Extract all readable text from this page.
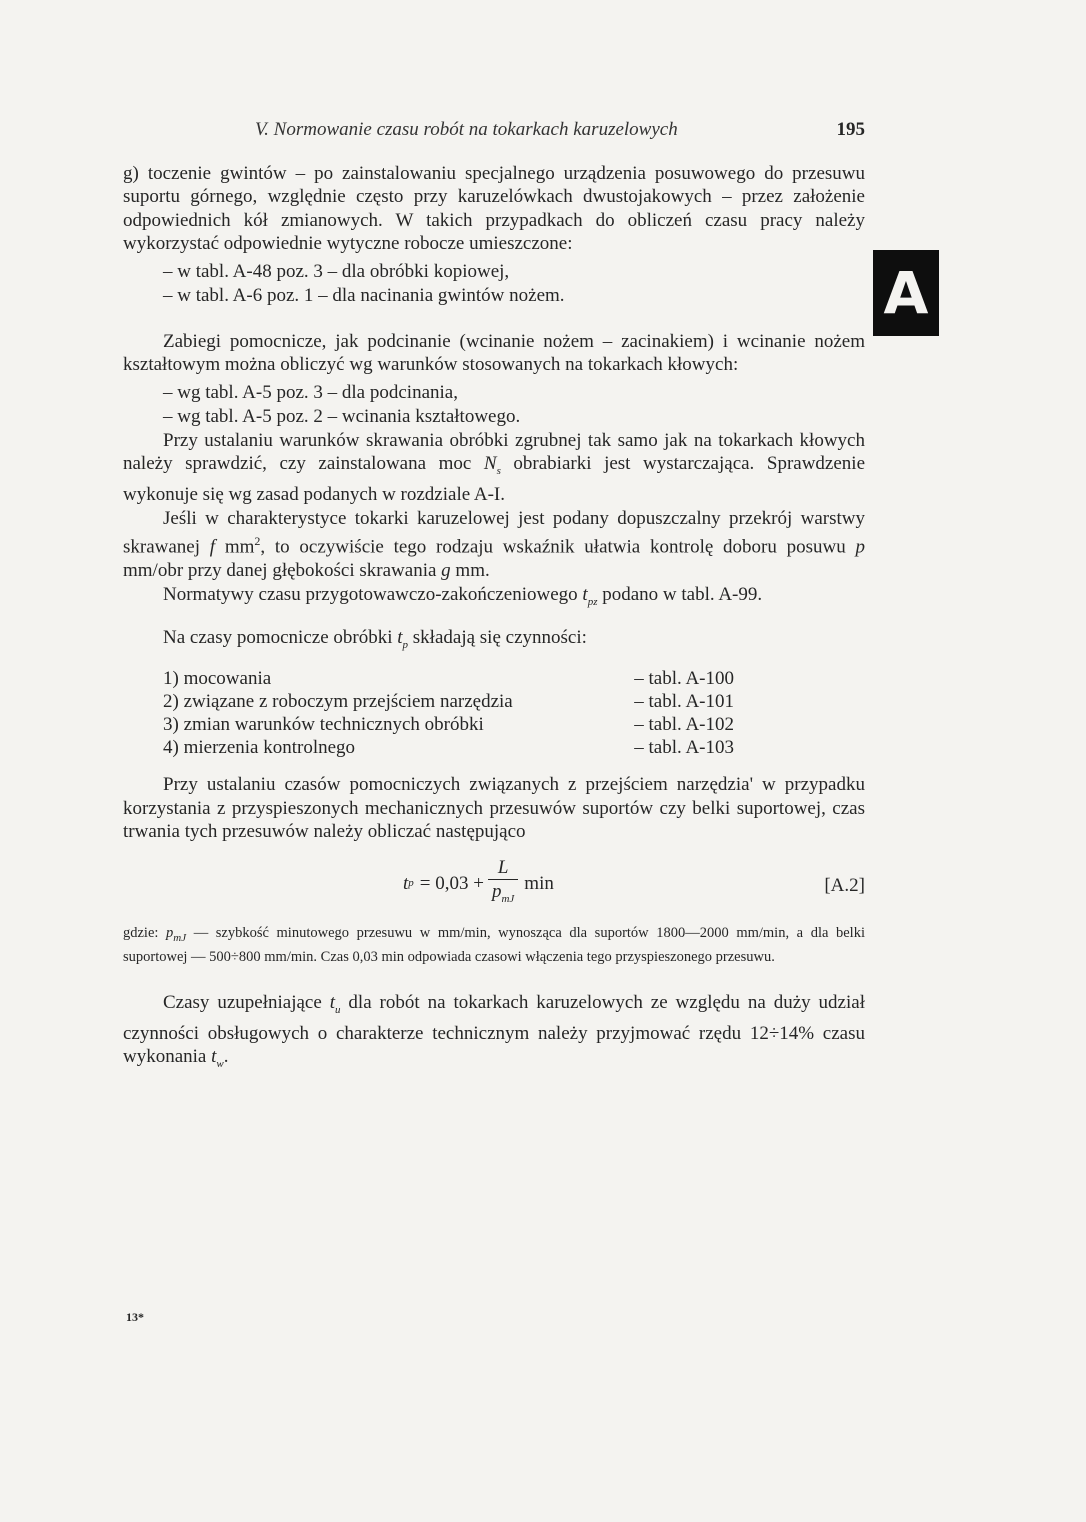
A
V. Normowanie czasu robót na tokarkach karuzelowych	195

g) toczenie gwintów – po zainstalowaniu specjalnego urządzenia posuwowego do przesuwu suportu górnego, względnie często przy karuzelówkach dwustojakowych – przez założenie odpowiednich kół zmianowych. W takich przypadkach do obliczeń czasu pracy należy wykorzystać odpowiednie wytyczne robocze umieszczone:

– w tabl. A-48 poz. 3 – dla obróbki kopiowej,
– w tabl. A-6 poz. 1 – dla nacinania gwintów nożem.

Zabiegi pomocnicze, jak podcinanie (wcinanie nożem – zacinakiem) i wcinanie nożem kształtowym można obliczyć wg warunków stosowanych na tokarkach kłowych:

– wg tabl. A-5 poz. 3 – dla podcinania,
– wg tabl. A-5 poz. 2 – wcinania kształtowego.

Przy ustalaniu warunków skrawania obróbki zgrubnej tak samo jak na tokarkach kłowych należy sprawdzić, czy zainstalowana moc $N_s$ obrabiarki jest wystarczająca. Sprawdzenie wykonuje się wg zasad podanych w rozdziale A-I.

Jeśli w charakterystyce tokarki karuzelowej jest podany dopuszczalny przekrój warstwy skrawanej f $mm^2$, to oczywiście tego rodzaju wskaźnik ułatwia kontrolę doboru posuwu p mm/obr przy danej głębokości skrawania g mm.

Normatywy czasu przygotowawczo-zakończeniowego $t_{pz}$ podano w tabl. A-99.

Na czasy pomocnicze obróbki $t_p$ składają się czynności:

1) mocowania	– tabl. A-100
2) związane z roboczym przejściem narzędzia	– tabl. A-101
3) zmian warunków technicznych obróbki	– tabl. A-102
4) mierzenia kontrolnego	– tabl. A-103

Przy ustalaniu czasów pomocniczych związanych z przejściem narzędzia' w przypadku korzystania z przyspieszonych mechanicznych przesuwów suportów czy belki suportowej, czas trwania tych przesuwów należy obliczać następująco

t $p = 0,03 + \frac{L}{p_{mJ}}$ min	[A.2]

gdzie: $p_{mJ}$ — szybkość minutowego przesuwu w mm/min, wynosząca dla suportów 1800—2000 mm/min, a dla belki suportowej — 500÷800 mm/min. Czas 0,03 min odpowiada czasowi włączenia tego przyspieszonego przesuwu.

Czasy uzupełniające $t_u$ dla robót na tokarkach karuzelowych ze względu na duży udział czynności obsługowych o charakterze technicznym należy przyjmować rzędu 12÷14% czasu wykonania $t_w$.

13*
